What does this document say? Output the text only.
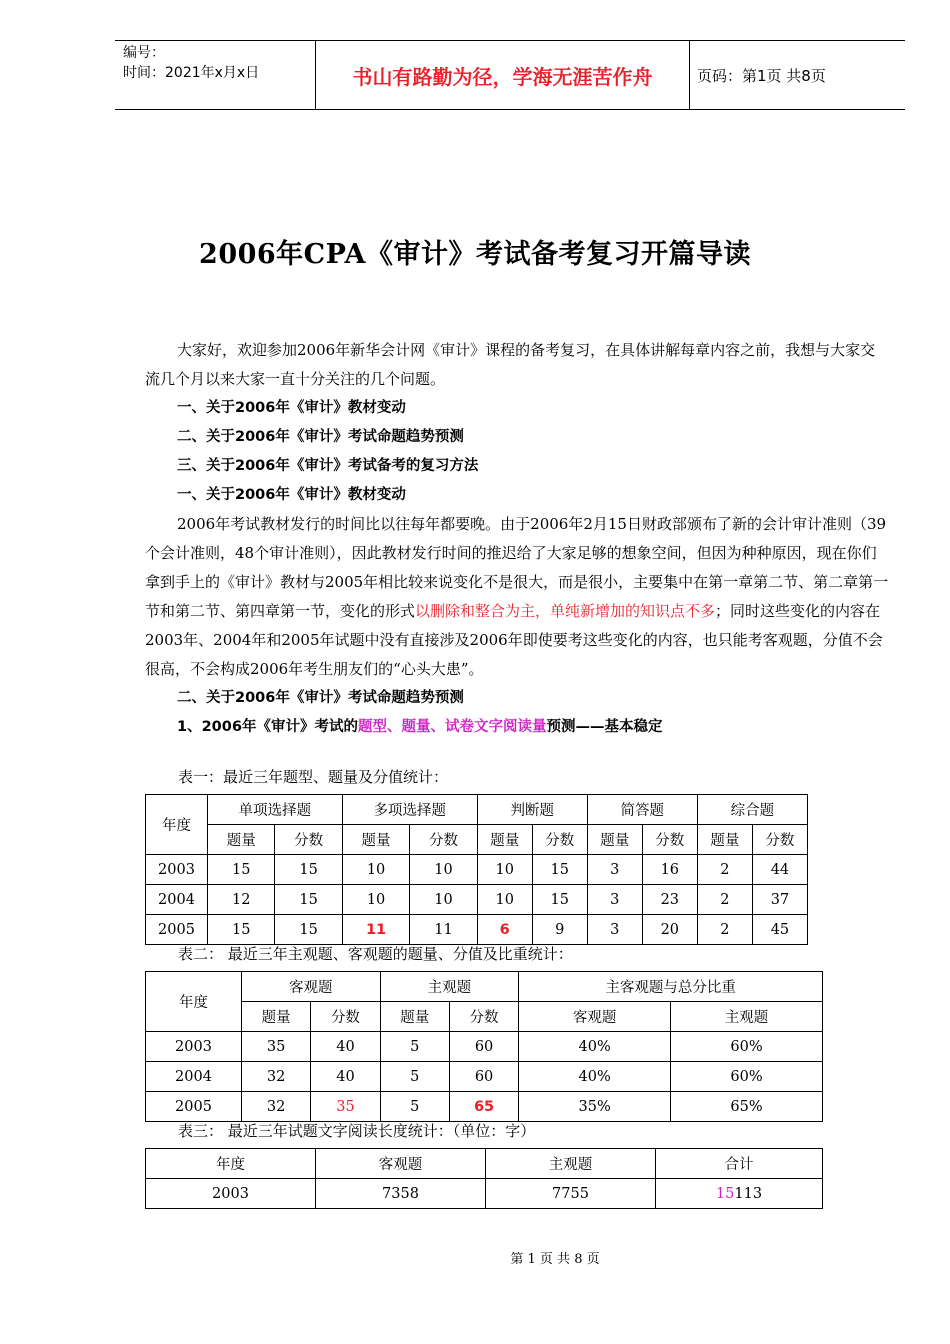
编号：
时间：2021年x月x日	书山有路勤为径，学海无涯苦作舟	页码：第1页 共8页
2006年CPA《审计》考试备考复习开篇导读

大家好，欢迎参加2006年新华会计网《审计》课程的备考复习，在具体讲解每章内容之前，我想与大家交流几个月以来大家一直十分关注的几个问题。

一、关于2006年《审计》教材变动

二、关于2006年《审计》考试命题趋势预测

三、关于2006年《审计》考试备考的复习方法

一、关于2006年《审计》教材变动

2006年考试教材发行的时间比以往每年都要晚。由于2006年2月15日财政部颁布了新的会计审计准则（39个会计准则，48个审计准则），因此教材发行时间的推迟给了大家足够的想象空间，但因为种种原因，现在你们拿到手上的《审计》教材与2005年相比较来说变化不是很大，而是很小，主要集中在第一章第二节、第二章第一节和第二节、第四章第一节，变化的形式以删除和整合为主，单纯新增加的知识点不多；同时这些变化的内容在2003年、2004年和2005年试题中没有直接涉及2006年即使要考这些变化的内容，也只能考客观题，分值不会很高，不会构成2006年考生朋友们的“心头大患”。

二、关于2006年《审计》考试命题趋势预测

1、2006年《审计》考试的题型、题量、试卷文字阅读量预测——基本稳定

表一：最近三年题型、题量及分值统计：
年度	单项选择题		多项选择题		判断题		简答题		综合题	
	题量	分数	题量	分数	题量	分数	题量	分数	题量	分数
2003	15	15	10	10	10	15	3	16	2	44
2004	12	15	10	10	10	15	3	23	2	37
2005	15	15	11	11	6	9	3	20	2	45
表二： 最近三年主观题、客观题的题量、分值及比重统计：
年度	客观题		主观题		主客观题与总分比重	
	题量	分数	题量	分数	客观题	主观题
2003	35	40	5	60	40%	60%
2004	32	40	5	60	40%	60%
2005	32	35	5	65	35%	65%
表三： 最近三年试题文字阅读长度统计：（单位：字）
年度	客观题	主观题	合计
2003	7358	7755	15113
第 1 页 共 8 页
